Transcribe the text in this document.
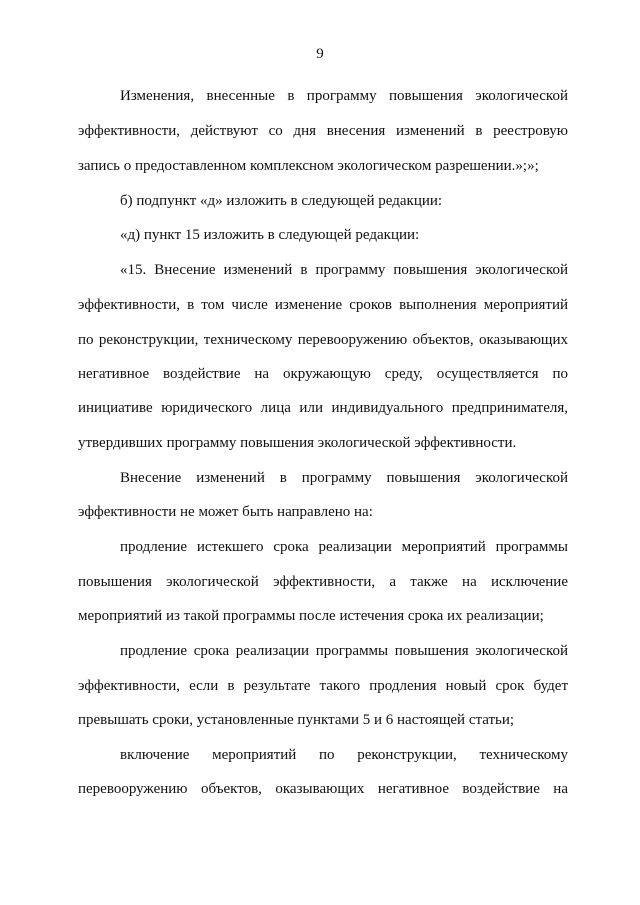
9
Изменения, внесенные в программу повышения экологической
эффективности, действуют со дня внесения изменений в реестровую
запись о предоставленном комплексном экологическом разрешении.»;»;
б) подпункт «д» изложить в следующей редакции:
«д) пункт 15 изложить в следующей редакции:
«15. Внесение изменений в программу повышения экологической
эффективности, в том числе изменение сроков выполнения мероприятий
по реконструкции, техническому перевооружению объектов, оказывающих
негативное воздействие на окружающую среду, осуществляется по
инициативе юридического лица или индивидуального предпринимателя,
утвердивших программу повышения экологической эффективности.
Внесение изменений в программу повышения экологической
эффективности не может быть направлено на:
продление истекшего срока реализации мероприятий программы
повышения экологической эффективности, а также на исключение
мероприятий из такой программы после истечения срока их реализации;
продление срока реализации программы повышения экологической
эффективности, если в результате такого продления новый срок будет
превышать сроки, установленные пунктами 5 и 6 настоящей статьи;
включение мероприятий по реконструкции, техническому
перевооружению объектов, оказывающих негативное воздействие на
